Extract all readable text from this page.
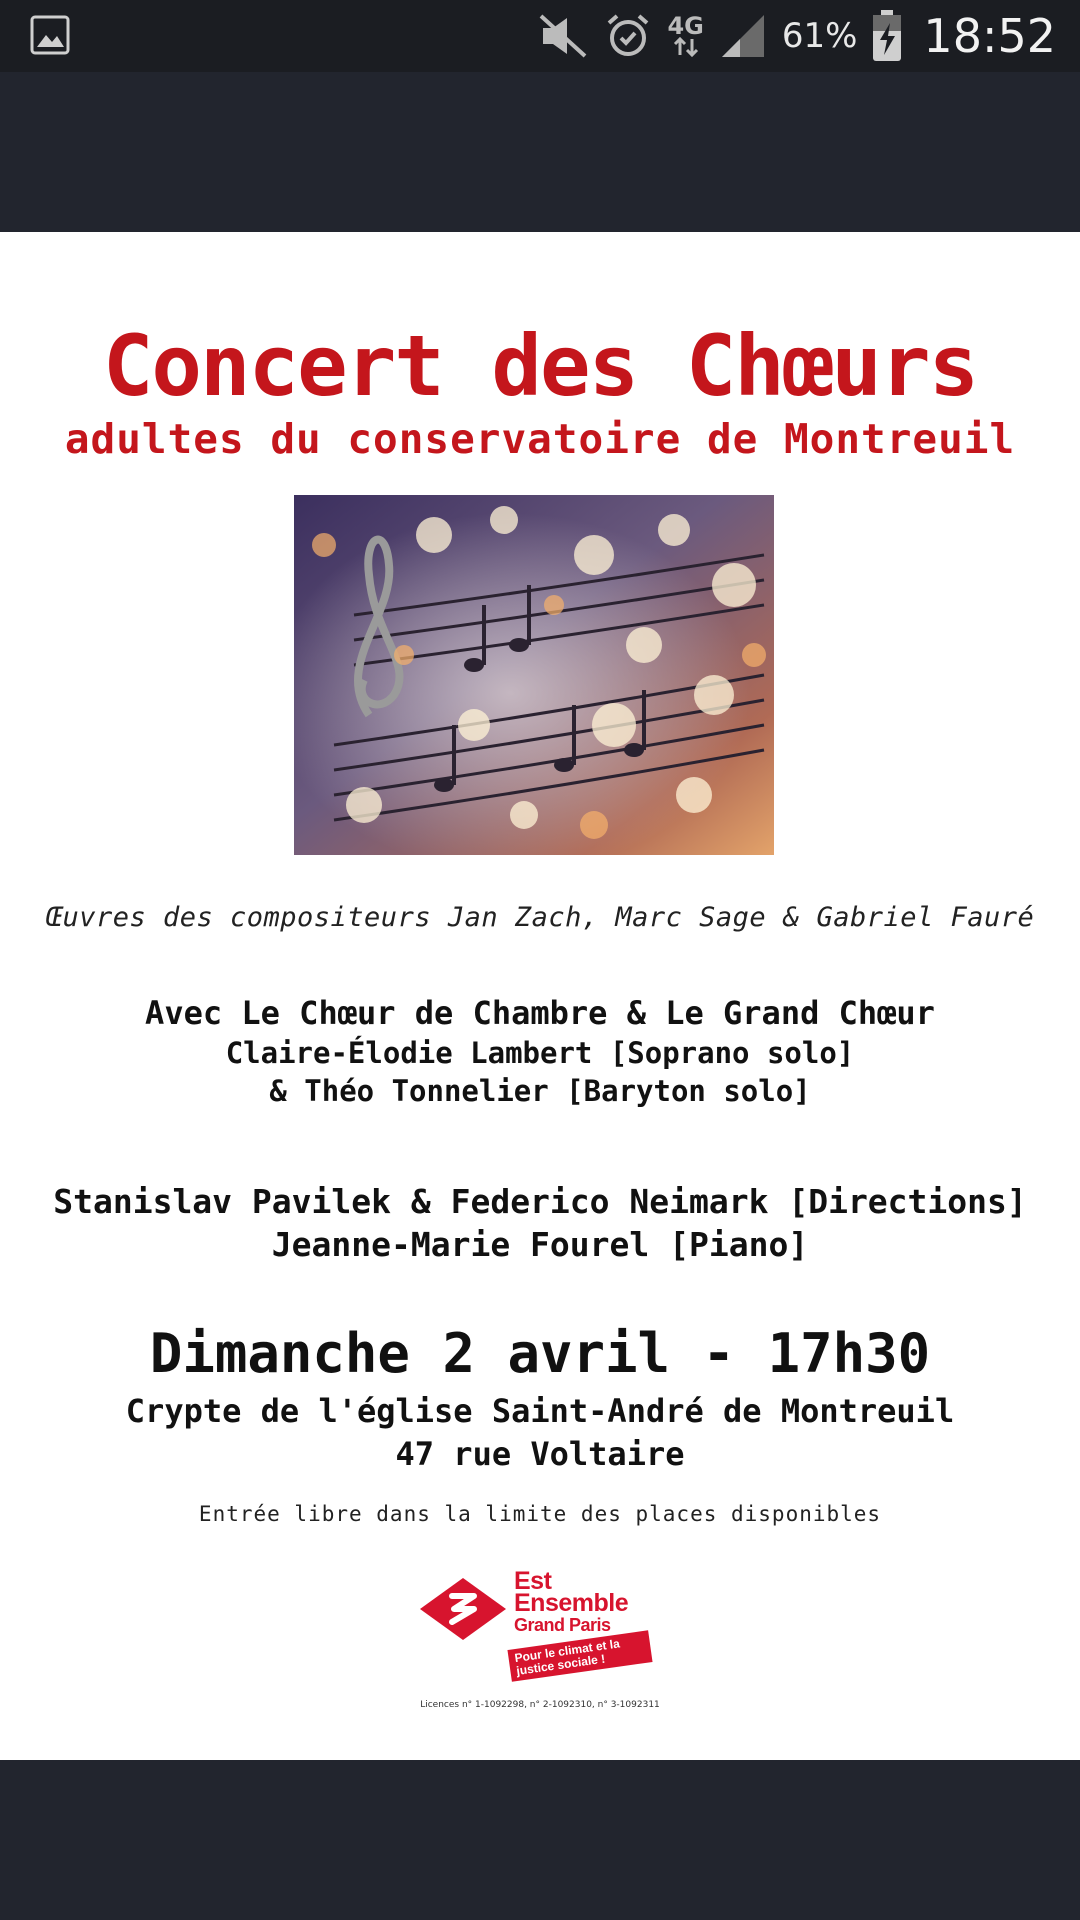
4G 61% 18:52
Concert des Chœurs
adultes du conservatoire de Montreuil
Œuvres des compositeurs Jan Zach, Marc Sage & Gabriel Fauré
Avec Le Chœur de Chambre & Le Grand Chœur
Claire-Élodie Lambert [Soprano solo]
& Théo Tonnelier [Baryton solo]
Stanislav Pavilek & Federico Neimark [Directions]
Jeanne-Marie Fourel [Piano]
Dimanche 2 avril - 17h30
Crypte de l'église Saint-André de Montreuil
47 rue Voltaire
Entrée libre dans la limite des places disponibles
Est
Ensemble
Grand Paris
Pour le climat et la justice sociale !
Licences n° 1-1092298, n° 2-1092310, n° 3-1092311
